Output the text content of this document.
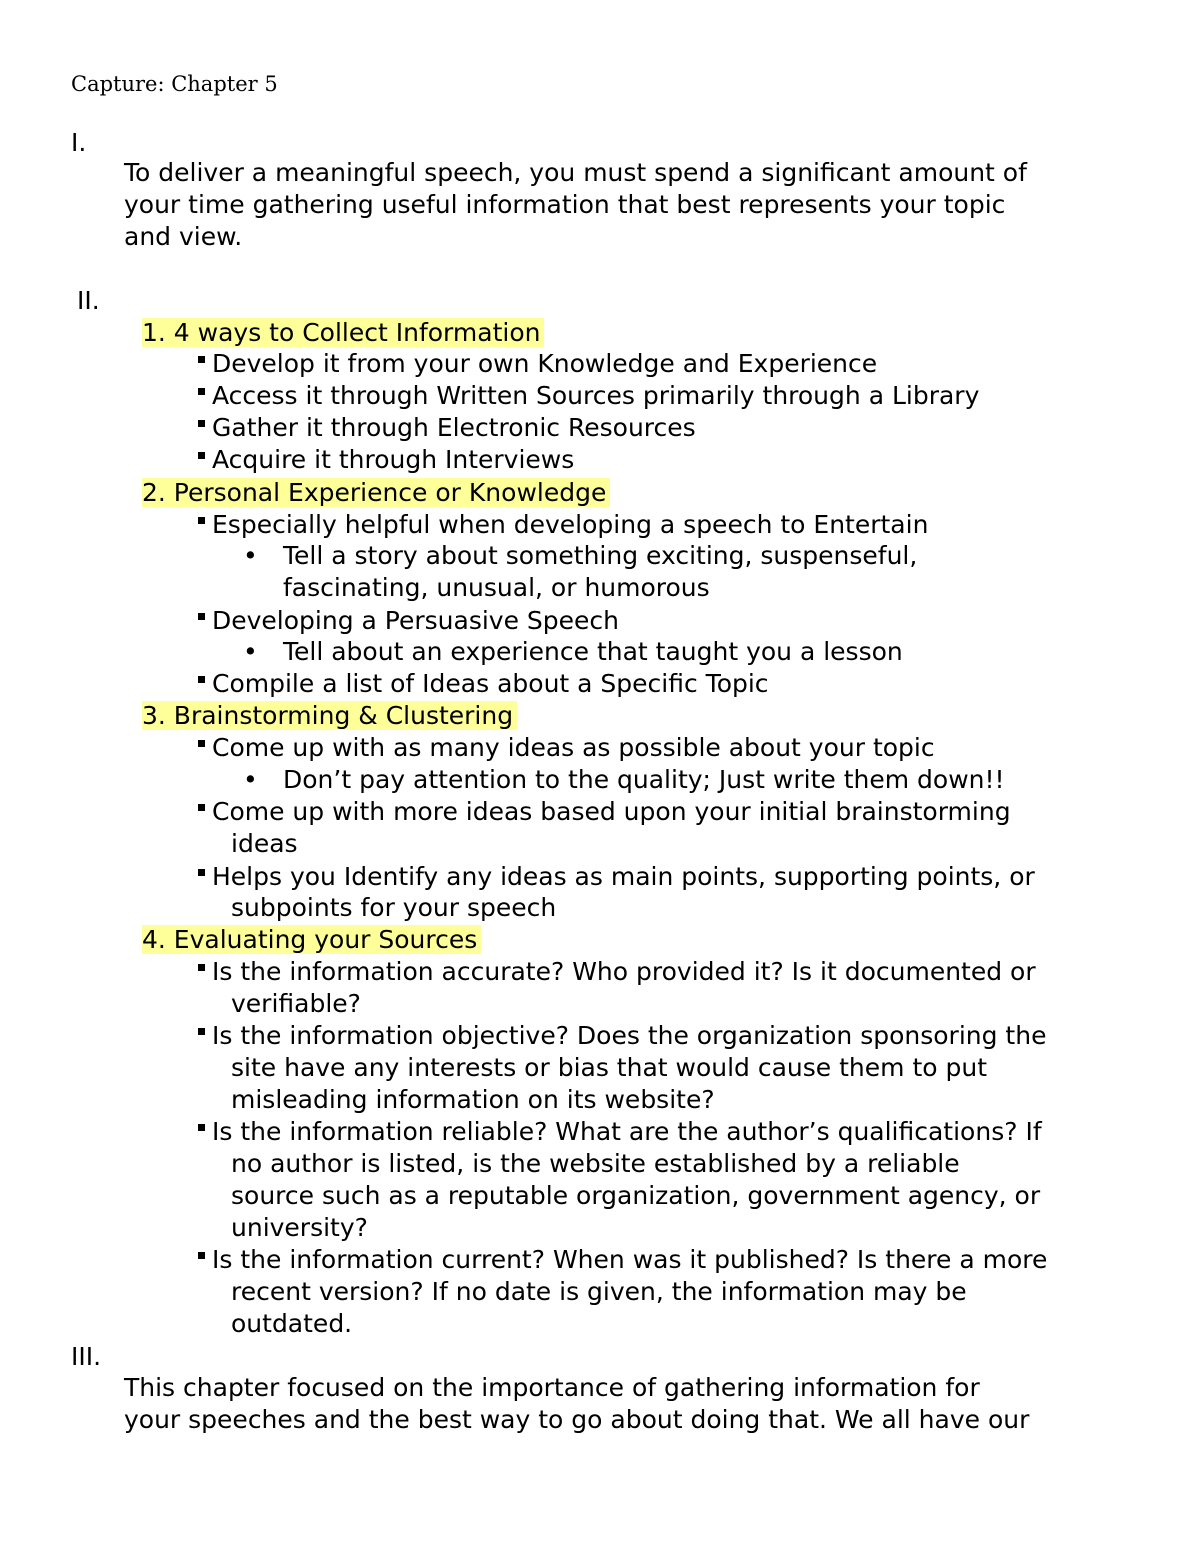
Capture: Chapter 5
I.
To deliver a meaningful speech, you must spend a significant amount of
your time gathering useful information that best represents your topic
and view.
II.
1. 4 ways to Collect Information
Develop it from your own Knowledge and Experience
Access it through Written Sources primarily through a Library
Gather it through Electronic Resources
Acquire it through Interviews
2. Personal Experience or Knowledge
Especially helpful when developing a speech to Entertain
• Tell a story about something exciting, suspenseful,
fascinating, unusual, or humorous
Developing a Persuasive Speech
• Tell about an experience that taught you a lesson
Compile a list of Ideas about a Specific Topic
3. Brainstorming & Clustering
Come up with as many ideas as possible about your topic
• Don’t pay attention to the quality; Just write them down!!
Come up with more ideas based upon your initial brainstorming
ideas
Helps you Identify any ideas as main points, supporting points, or
subpoints for your speech
4. Evaluating your Sources
Is the information accurate? Who provided it? Is it documented or
verifiable?
Is the information objective? Does the organization sponsoring the
site have any interests or bias that would cause them to put
misleading information on its website?
Is the information reliable? What are the author’s qualifications? If
no author is listed, is the website established by a reliable
source such as a reputable organization, government agency, or
university?
Is the information current? When was it published? Is there a more
recent version? If no date is given, the information may be
outdated.
III.
This chapter focused on the importance of gathering information for
your speeches and the best way to go about doing that. We all have our
